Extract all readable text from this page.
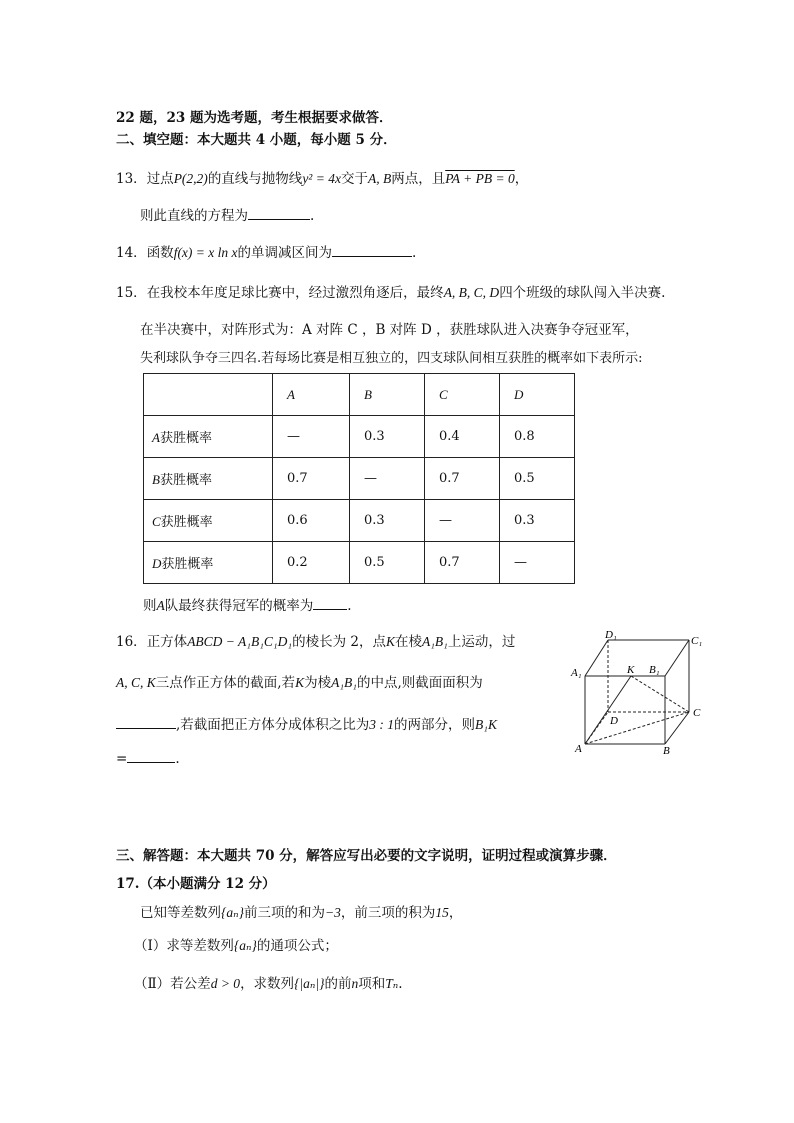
22 题，23 题为选考题，考生根据要求做答．
二、填空题：本大题共 4 小题，每小题 5 分．
13．过点P(2,2)的直线与抛物线y² = 4x交于A, B两点，且PA + PB = 0，
则此直线的方程为	.
14．函数f(x) = x ln x的单调减区间为	.
15．在我校本年度足球比赛中，经过激烈角逐后，最终A, B, C, D四个班级的球队闯入半决赛.
在半决赛中，对阵形式为：A 对阵 C ，B 对阵 D ，获胜球队进入决赛争夺冠亚军，
失利球队争夺三四名.若每场比赛是相互独立的，四支球队间相互获胜的概率如下表所示:
	A	B	C	D
A获胜概率	—	0.3	0.4	0.8
B获胜概率	0.7	—	0.7	0.5
C获胜概率	0.6	0.3	—	0.3
D获胜概率	0.2	0.5	0.7	—
则A队最终获得冠军的概率为	.
16．正方体ABCD − A₁B₁C₁D₁的棱长为 2，点K在棱A₁B₁上运动，过
A, C, K三点作正方体的截面,若K为棱A₁B₁的中点,则截面面积为
,若截面把正方体分成体积之比为3 : 1的两部分，则B₁K
=	.
D₁	C₁
A₁	K B₁
D
C
A	B
三、解答题：本大题共 70 分，解答应写出必要的文字说明，证明过程或演算步骤．
17.（本小题满分 12 分）
已知等差数列{aₙ}前三项的和为−3，前三项的积为15，
（Ⅰ）求等差数列{aₙ}的通项公式；
（Ⅱ）若公差d > 0，求数列{|aₙ|}的前n项和Tₙ.
